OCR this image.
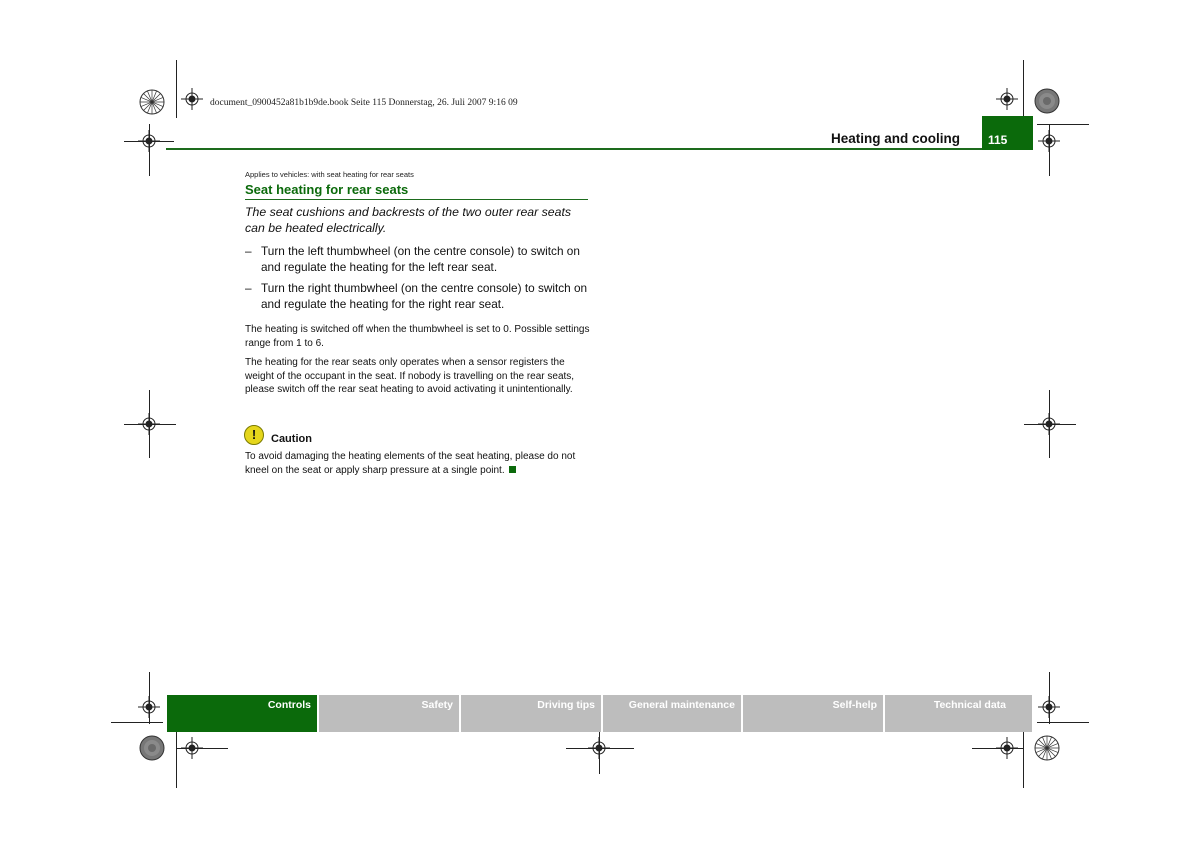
document_0900452a81b1b9de.book Seite 115 Donnerstag, 26. Juli 2007 9:16 09
Heating and cooling 115
Applies to vehicles: with seat heating for rear seats
Seat heating for rear seats
The seat cushions and backrests of the two outer rear seats can be heated electrically.
– Turn the left thumbwheel (on the centre console) to switch on and regulate the heating for the left rear seat.
– Turn the right thumbwheel (on the centre console) to switch on and regulate the heating for the right rear seat.
The heating is switched off when the thumbwheel is set to 0. Possible settings range from 1 to 6.
The heating for the rear seats only operates when a sensor registers the weight of the occupant in the seat. If nobody is travelling on the rear seats, please switch off the rear seat heating to avoid activating it unintentionally.
!	Caution
To avoid damaging the heating elements of the seat heating, please do not kneel on the seat or apply sharp pressure at a single point.
Controls	Safety	Driving tips	General maintenance	Self-help	Technical data
